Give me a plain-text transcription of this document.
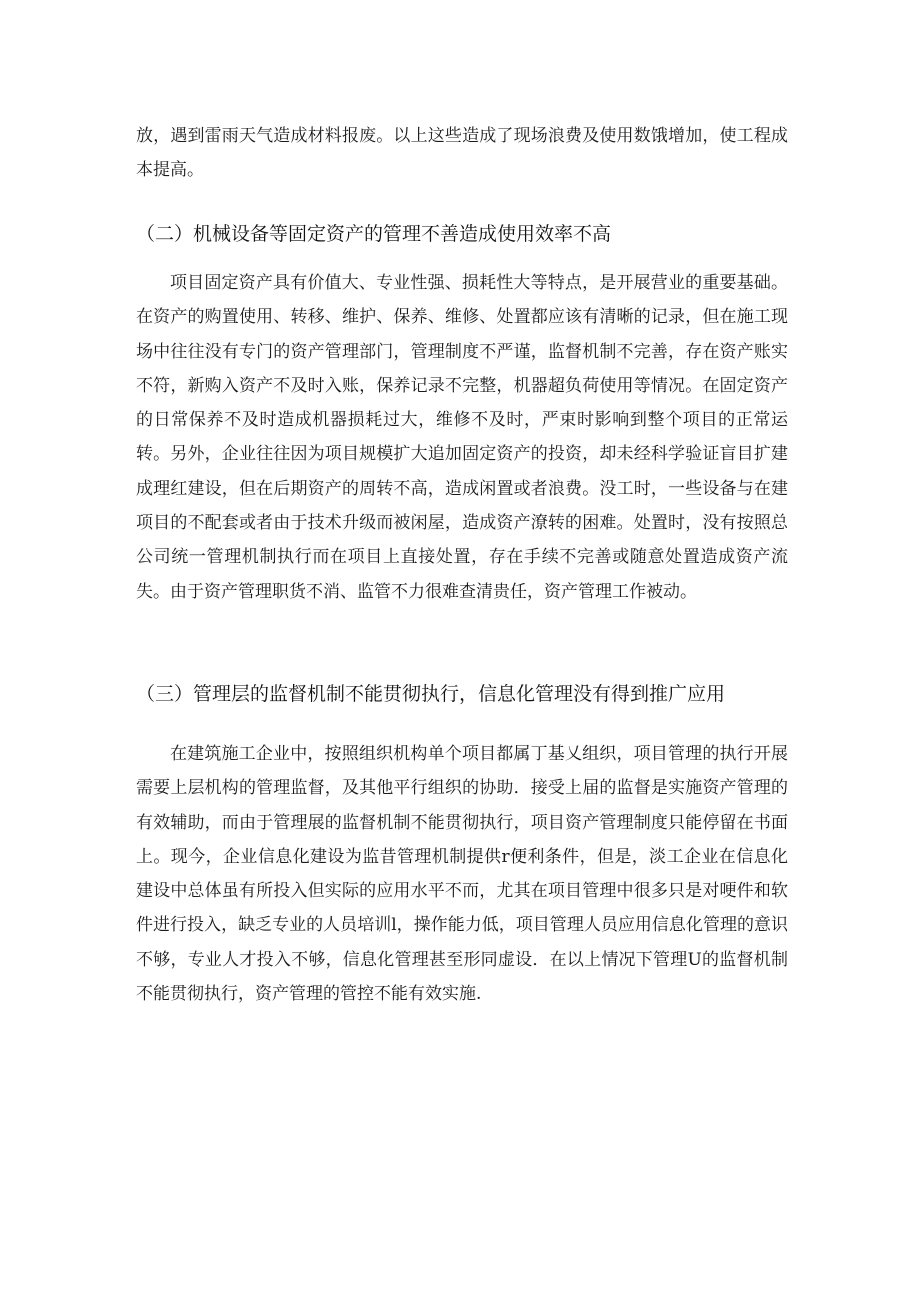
放，遇到雷雨天气造成材料报废。以上这些造成了现场浪费及使用数饿增加，使工程成本提高。

（二）机械设备等固定资产的管理不善造成使用效率不高

项目固定资产具有价值大、专业性强、损耗性大等特点，是开展营业的重要基础。在资产的购置使用、转移、维护、保养、维修、处置都应该有清晰的记录，但在施工现场中往往没有专门的资产管理部门，管理制度不严谨，监督机制不完善，存在资产账实不符，新购入资产不及时入账，保养记录不完整，机器超负荷使用等情况。在固定资产的日常保养不及时造成机器损耗过大，维修不及时，严束时影响到整个项目的正常运转。另外，企业往往因为项目规模扩大追加固定资产的投资，却未经科学验证盲目扩建成理红建设，但在后期资产的周转不高，造成闲置或者浪费。没工时，一些设备与在建项目的不配套或者由于技术升级而被闲屋，造成资产潦转的困难。处置时，没有按照总公司统一管理机制执行而在项目上直接处置，存在手续不完善或随意处置造成资产流失。由于资产管理职货不消、监管不力很难查清贵任，资产管理工作被动。

（三）管理层的监督机制不能贯彻执行，信息化管理没有得到推广应用

在建筑施工企业中，按照组织机构单个项目都属丁基乂组织，项目管理的执行开展需要上层机构的管理监督，及其他平行组织的协助．接受上届的监督是实施资产管理的有效辅助，而由于管理展的监督机制不能贯彻执行，项目资产管理制度只能停留在书面上。现今，企业信息化建设为监昔管理机制提供r便利条件，但是，淡工企业在信息化建设中总体虽有所投入但实际的应用水平不而，尤其在项目管理中很多只是对哽件和软件进行投入，缺乏专业的人员培训l，操作能力低，项目管理人员应用信息化管理的意识不够，专业人才投入不够，信息化管理甚至形同虚设．在以上情况下管理U的监督机制不能贯彻执行，资产管理的管控不能有效实施.
